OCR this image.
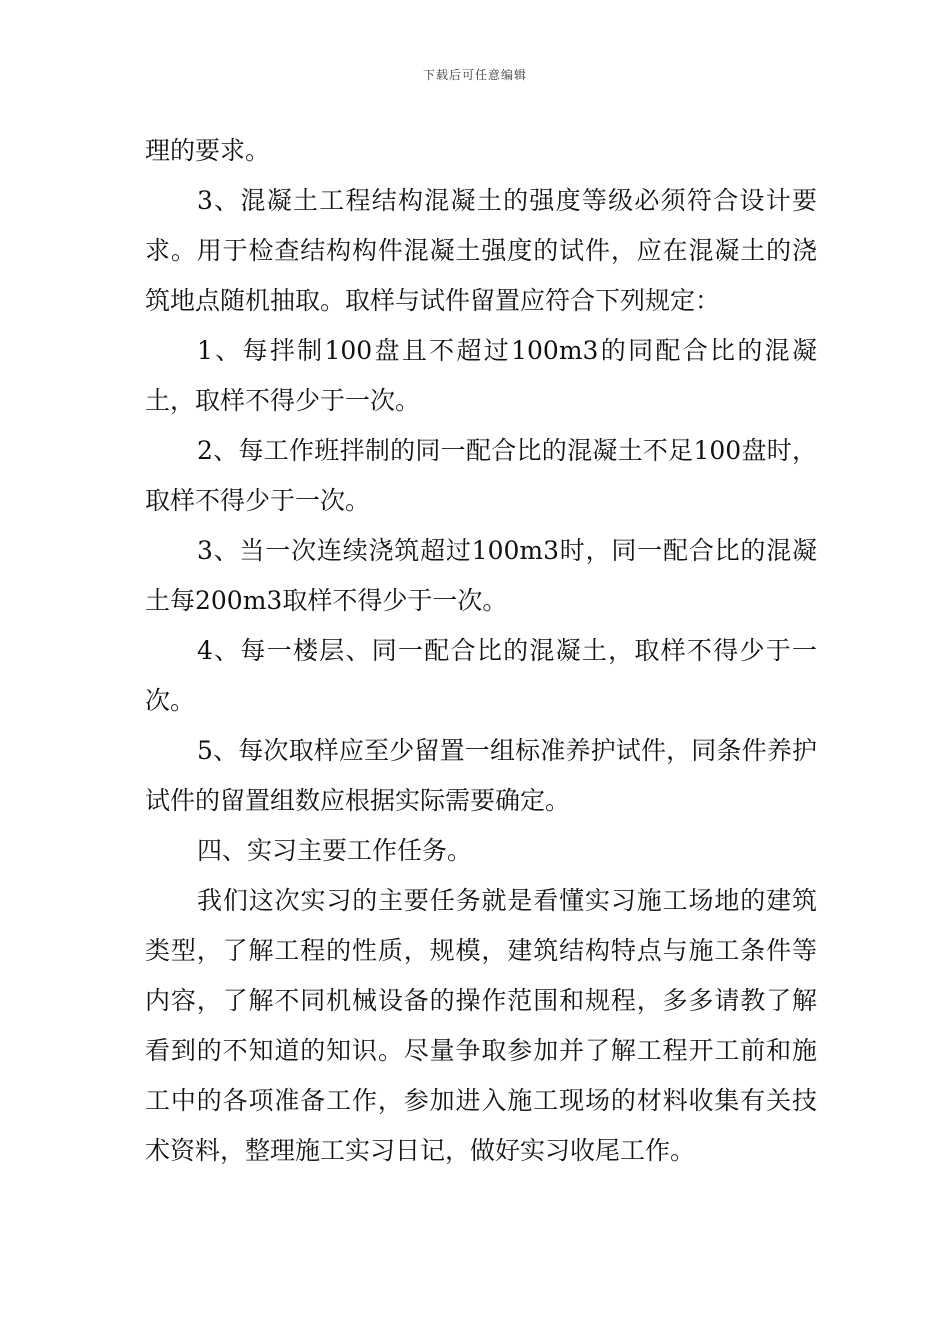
下载后可任意编辑

理的要求。

3、混凝土工程结构混凝土的强度等级必须符合设计要求。用于检查结构构件混凝土强度的试件，应在混凝土的浇筑地点随机抽取。取样与试件留置应符合下列规定：

1、每拌制100盘且不超过100m3的同配合比的混凝土，取样不得少于一次。

2、每工作班拌制的同一配合比的混凝土不足100盘时，取样不得少于一次。

3、当一次连续浇筑超过100m3时，同一配合比的混凝土每200m3取样不得少于一次。

4、每一楼层、同一配合比的混凝土，取样不得少于一次。

5、每次取样应至少留置一组标准养护试件，同条件养护试件的留置组数应根据实际需要确定。

四、实习主要工作任务。

我们这次实习的主要任务就是看懂实习施工场地的建筑类型，了解工程的性质，规模，建筑结构特点与施工条件等内容，了解不同机械设备的操作范围和规程，多多请教了解看到的不知道的知识。尽量争取参加并了解工程开工前和施工中的各项准备工作，参加进入施工现场的材料收集有关技术资料，整理施工实习日记，做好实习收尾工作。
